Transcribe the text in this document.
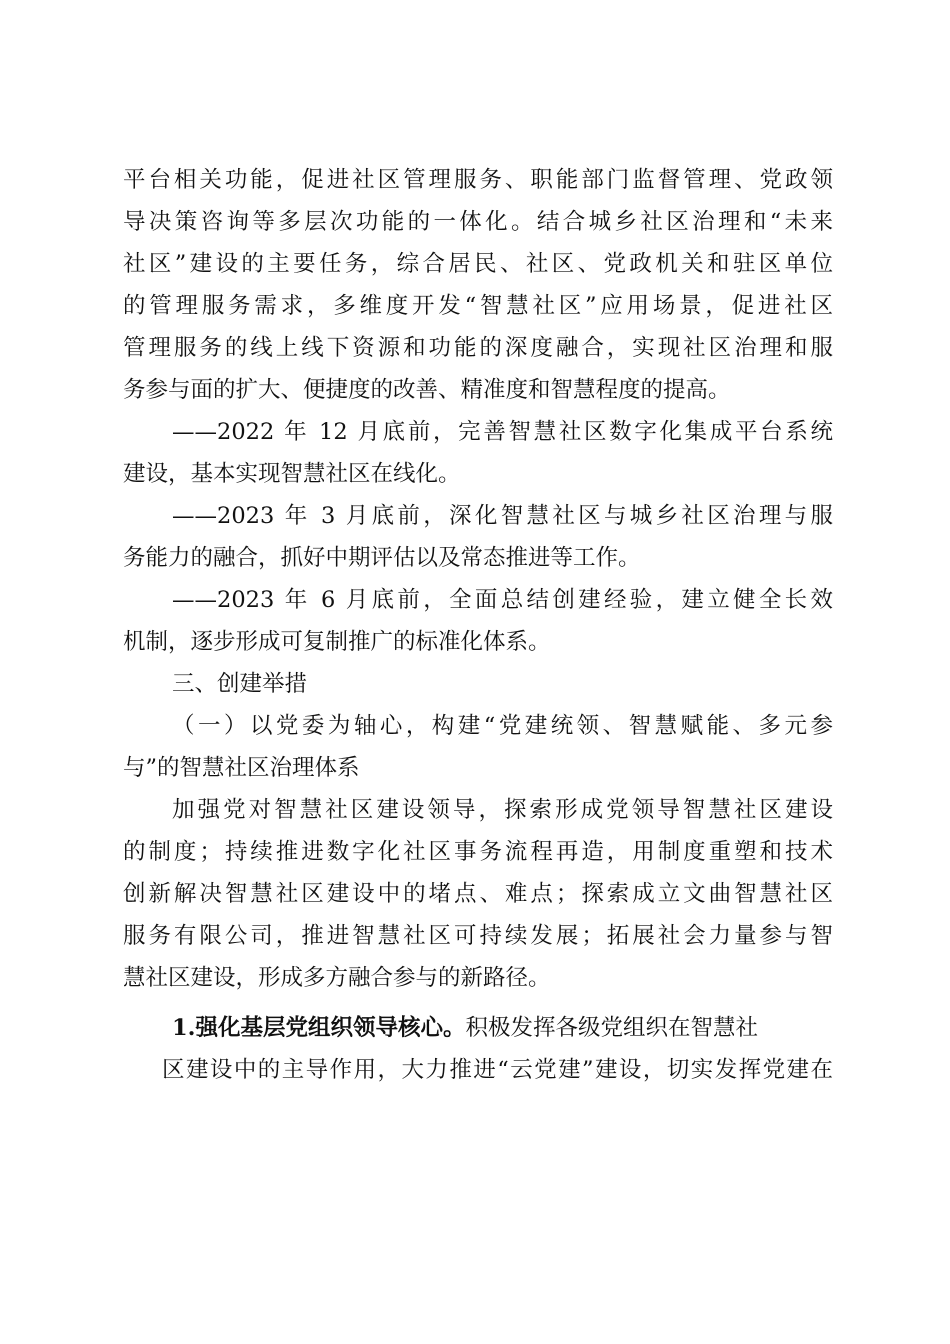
平台相关功能，促进社区管理服务、职能部门监督管理、党政领
导决策咨询等多层次功能的一体化。结合城乡社区治理和“未来
社区”建设的主要任务，综合居民、社区、党政机关和驻区单位
的管理服务需求，多维度开发“智慧社区”应用场景，促进社区
管理服务的线上线下资源和功能的深度融合，实现社区治理和服
务参与面的扩大、便捷度的改善、精准度和智慧程度的提高。
——2022 年 12 月底前，完善智慧社区数字化集成平台系统
建设，基本实现智慧社区在线化。
——2023 年 3 月底前，深化智慧社区与城乡社区治理与服
务能力的融合，抓好中期评估以及常态推进等工作。
——2023 年 6 月底前，全面总结创建经验，建立健全长效
机制，逐步形成可复制推广的标准化体系。
三、创建举措
（一）以党委为轴心，构建“党建统领、智慧赋能、多元参
与”的智慧社区治理体系
加强党对智慧社区建设领导，探索形成党领导智慧社区建设
的制度；持续推进数字化社区事务流程再造，用制度重塑和技术
创新解决智慧社区建设中的堵点、难点；探索成立文曲智慧社区
服务有限公司，推进智慧社区可持续发展；拓展社会力量参与智
慧社区建设，形成多方融合参与的新路径。
1.强化基层党组织领导核心。积极发挥各级党组织在智慧社
区建设中的主导作用，大力推进“云党建”建设，切实发挥党建在
